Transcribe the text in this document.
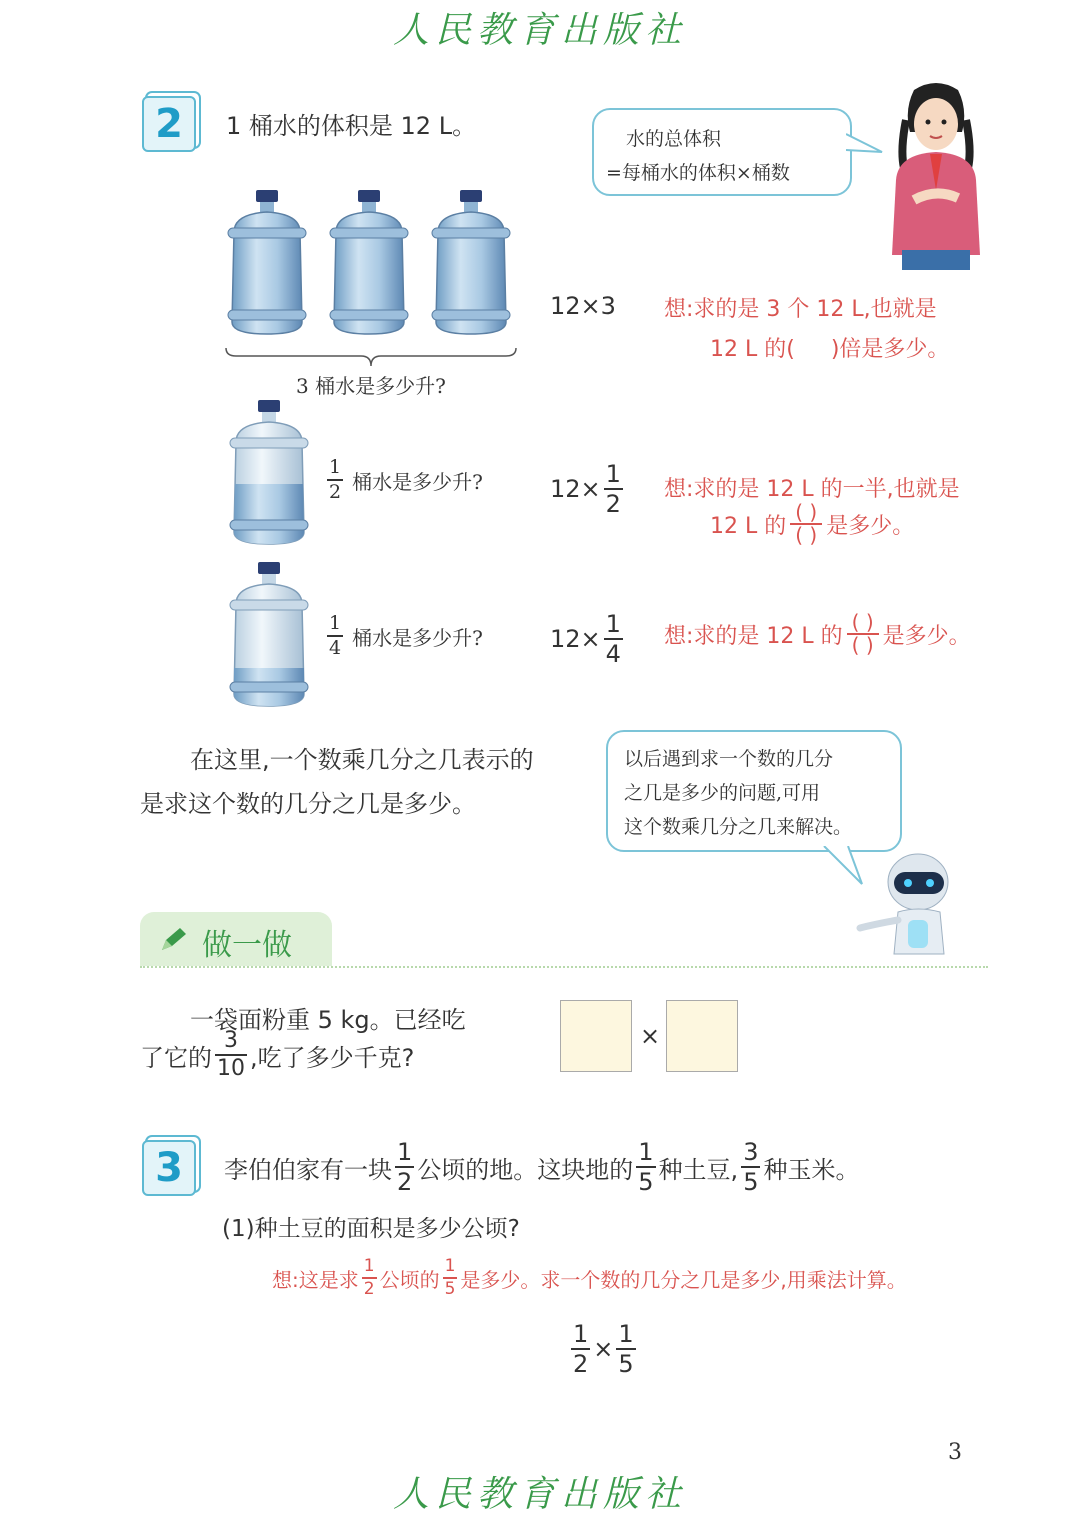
人民教育出版社
2	1 桶水的体积是 12 L。	水的总体积
=每桶水的体积×桶数
3 桶水是多少升?
12×3 想:求的是 3 个 12 L,也就是
12 L 的( )倍是多少。
$\frac{1}{2}$ 桶水是多少升?	$12\times \frac{1}{2}$ 想:求的是 12 L 的一半,也就是
12 L 的
( )
( ) 是多少。
$\frac{1}{4}$ 桶水是多少升?	$12\times \frac{1}{4}$ 想:求的是 12 L 的
( )
( ) 是多少。
在这里,一个数乘几分之几表示的
是求这个数的几分之几是多少。
以后遇到求一个数的几分
之几是多少的问题,可用
这个数乘几分之几来解决。
做一做
一袋面粉重 5 kg。已经吃
了它的 $\frac{3}{10}$ ,吃了多少千克?
×
3	李伯伯家有一块 $\frac{1}{2}$ 公顷的地。这块地的 $\frac{1}{5}$ 种土豆, $\frac{3}{5}$ 种玉米。
(1)种土豆的面积是多少公顷?
想:这是求 $\frac{1}{2}$ 公顷的 $\frac{1}{5}$ 是多少。求一个数的几分之几是多少,用乘法计算。
$\frac{1}{2} \times \frac{1}{5}$
3
人民教育出版社
